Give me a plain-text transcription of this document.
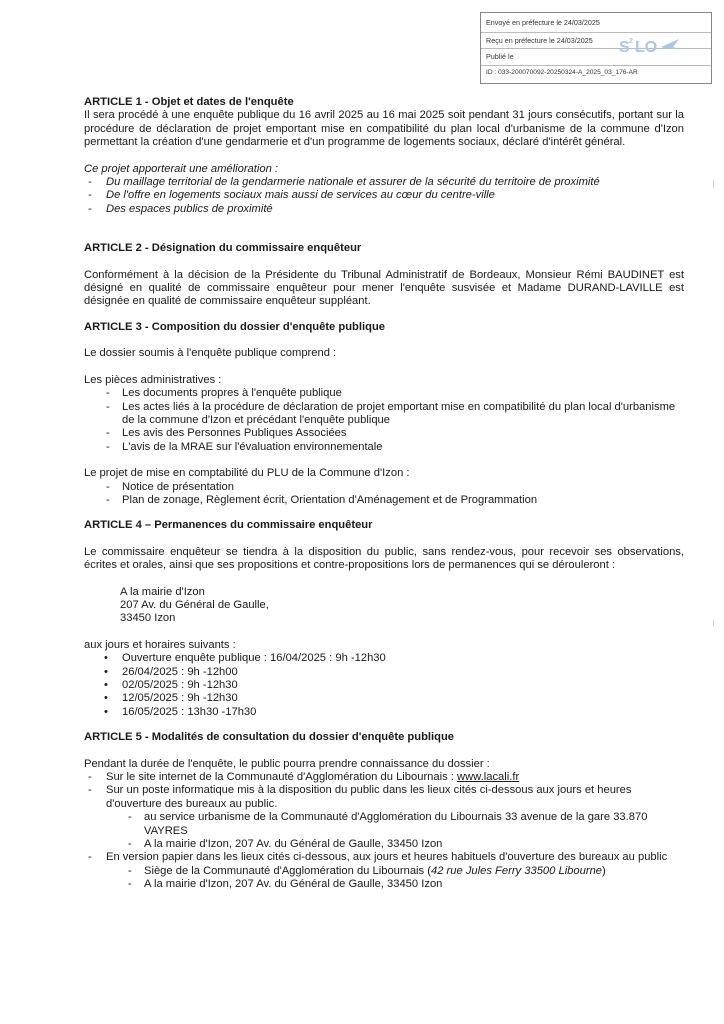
Envoyé en préfecture le 24/03/2025
Reçu en préfecture le 24/03/2025
Publié le
ID : 033-200070092-20250324-A_2025_03_176-AR
S 2 LO

ARTICLE 1 - Objet et dates de l'enquête

Il sera procédé à une enquête publique du 16 avril 2025 au 16 mai 2025 soit pendant 31 jours consécutifs, portant sur la procédure de déclaration de projet emportant mise en compatibilité du plan local d'urbanisme de la commune d'Izon permettant la création d'une gendarmerie et d'un programme de logements sociaux, déclaré d'intérêt général.

Ce projet apporterait une amélioration :

- Du maillage territorial de la gendarmerie nationale et assurer de la sécurité du territoire de proximité
- De l'offre en logements sociaux mais aussi de services au cœur du centre-ville
- Des espaces publics de proximité

ARTICLE 2 - Désignation du commissaire enquêteur

Conformément à la décision de la Présidente du Tribunal Administratif de Bordeaux, Monsieur Rémi BAUDINET est désigné en qualité de commissaire enquêteur pour mener l'enquête susvisée et Madame DURAND-LAVILLE est désignée en qualité de commissaire enquêteur suppléant.

ARTICLE 3 - Composition du dossier d'enquête publique

Le dossier soumis à l'enquête publique comprend :

Les pièces administratives :

- Les documents propres à l'enquête publique
- Les actes liés à la procédure de déclaration de projet emportant mise en compatibilité du plan local d'urbanisme de la commune d'Izon et précédant l'enquête publique
- Les avis des Personnes Publiques Associées
- L'avis de la MRAE sur l'évaluation environnementale

Le projet de mise en comptabilité du PLU de la Commune d'Izon :

- Notice de présentation
- Plan de zonage, Règlement écrit, Orientation d'Aménagement et de Programmation

ARTICLE 4 – Permanences du commissaire enquêteur

Le commissaire enquêteur se tiendra à la disposition du public, sans rendez-vous, pour recevoir ses observations, écrites et orales, ainsi que ses propositions et contre-propositions lors de permanences qui se dérouleront :

A la mairie d'Izon

207 Av. du Général de Gaulle,

33450 Izon

aux jours et horaires suivants :

• Ouverture enquête publique : 16/04/2025 : 9h -12h30
• 26/04/2025 : 9h -12h00
• 02/05/2025 : 9h -12h30
• 12/05/2025 : 9h -12h30
• 16/05/2025 : 13h30 -17h30

ARTICLE 5 - Modalités de consultation du dossier d'enquête publique

Pendant la durée de l'enquête, le public pourra prendre connaissance du dossier :

- Sur le site internet de la Communauté d'Agglomération du Libournais : www.lacali.fr
- Sur un poste informatique mis à la disposition du public dans les lieux cités ci-dessous aux jours et heures d'ouverture des bureaux au public.
- au service urbanisme de la Communauté d'Agglomération du Libournais 33 avenue de la gare 33.870 VAYRES
- A la mairie d'Izon, 207 Av. du Général de Gaulle, 33450 Izon
- En version papier dans les lieux cités ci-dessous, aux jours et heures habituels d'ouverture des bureaux au public
- Siège de la Communauté d'Agglomération du Libournais (42 rue Jules Ferry 33500 Libourne)
- A la mairie d'Izon, 207 Av. du Général de Gaulle, 33450 Izon
